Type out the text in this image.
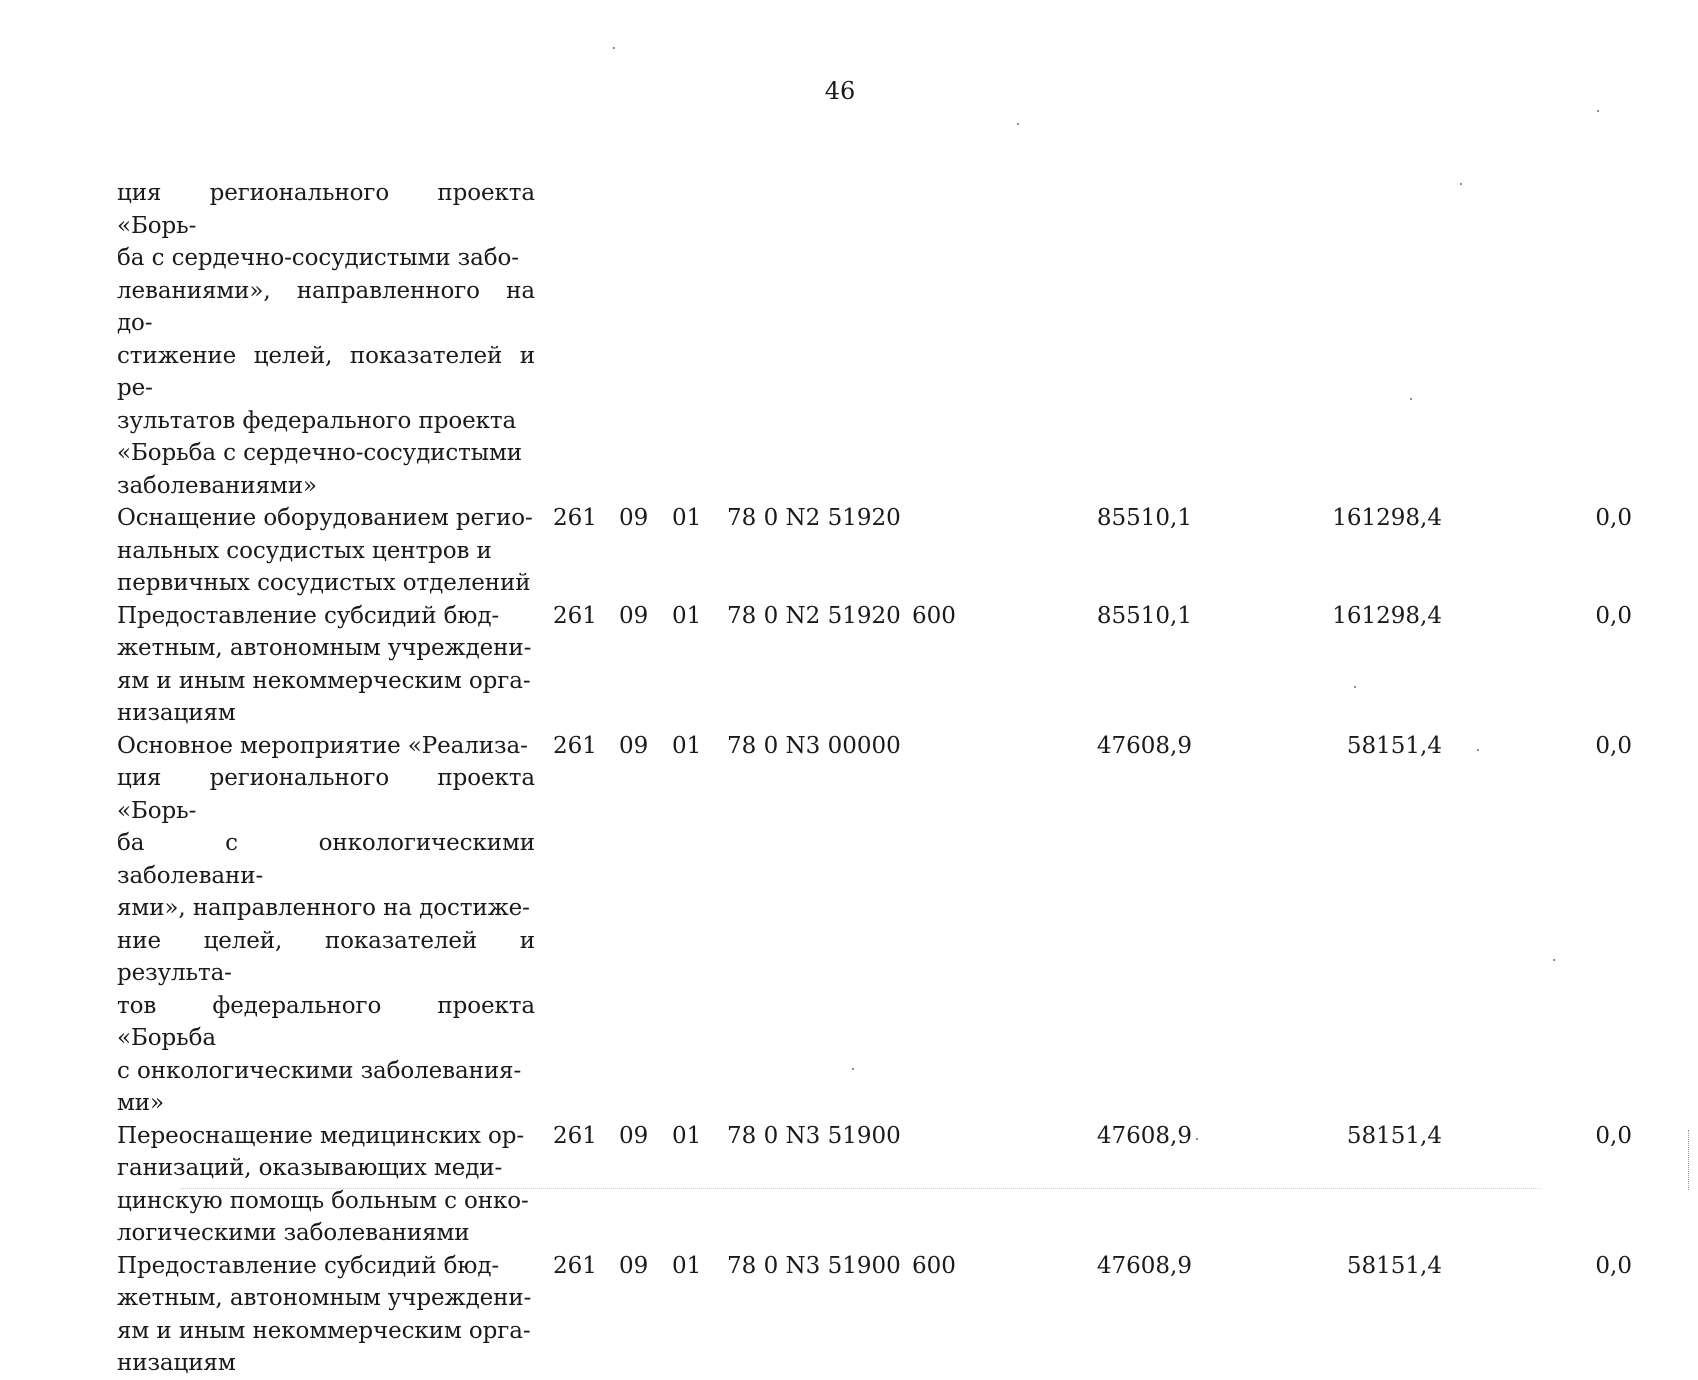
46
ция регионального проекта «Борь-
ба с сердечно-сосудистыми забо-
леваниями», направленного на до-
стижение целей, показателей и ре-
зультатов федерального проекта
«Борьба с сердечно-сосудистыми
заболеваниями»
Оснащение оборудованием регио-
нальных сосудистых центров и
первичных сосудистых отделений
261 09 01 78 0 N2 51920	85510,1	161298,4	0,0
Предоставление субсидий бюд-
жетным, автономным учреждени-
ям и иным некоммерческим орга-
низациям
261 09 01 78 0 N2 51920 600	85510,1	161298,4	0,0
Основное мероприятие «Реализа-
ция регионального проекта «Борь-
ба с онкологическими заболевани-
ями», направленного на достиже-
ние целей, показателей и результа-
тов федерального проекта «Борьба
с онкологическими заболевания-
ми»
261 09 01 78 0 N3 00000	47608,9	58151,4	0,0
Переоснащение медицинских ор-
ганизаций, оказывающих меди-
цинскую помощь больным с онко-
логическими заболеваниями
261 09 01 78 0 N3 51900	47608,9	58151,4	0,0
Предоставление субсидий бюд-
жетным, автономным учреждени-
ям и иным некоммерческим орга-
низациям
261 09 01 78 0 N3 51900 600	47608,9	58151,4	0,0
